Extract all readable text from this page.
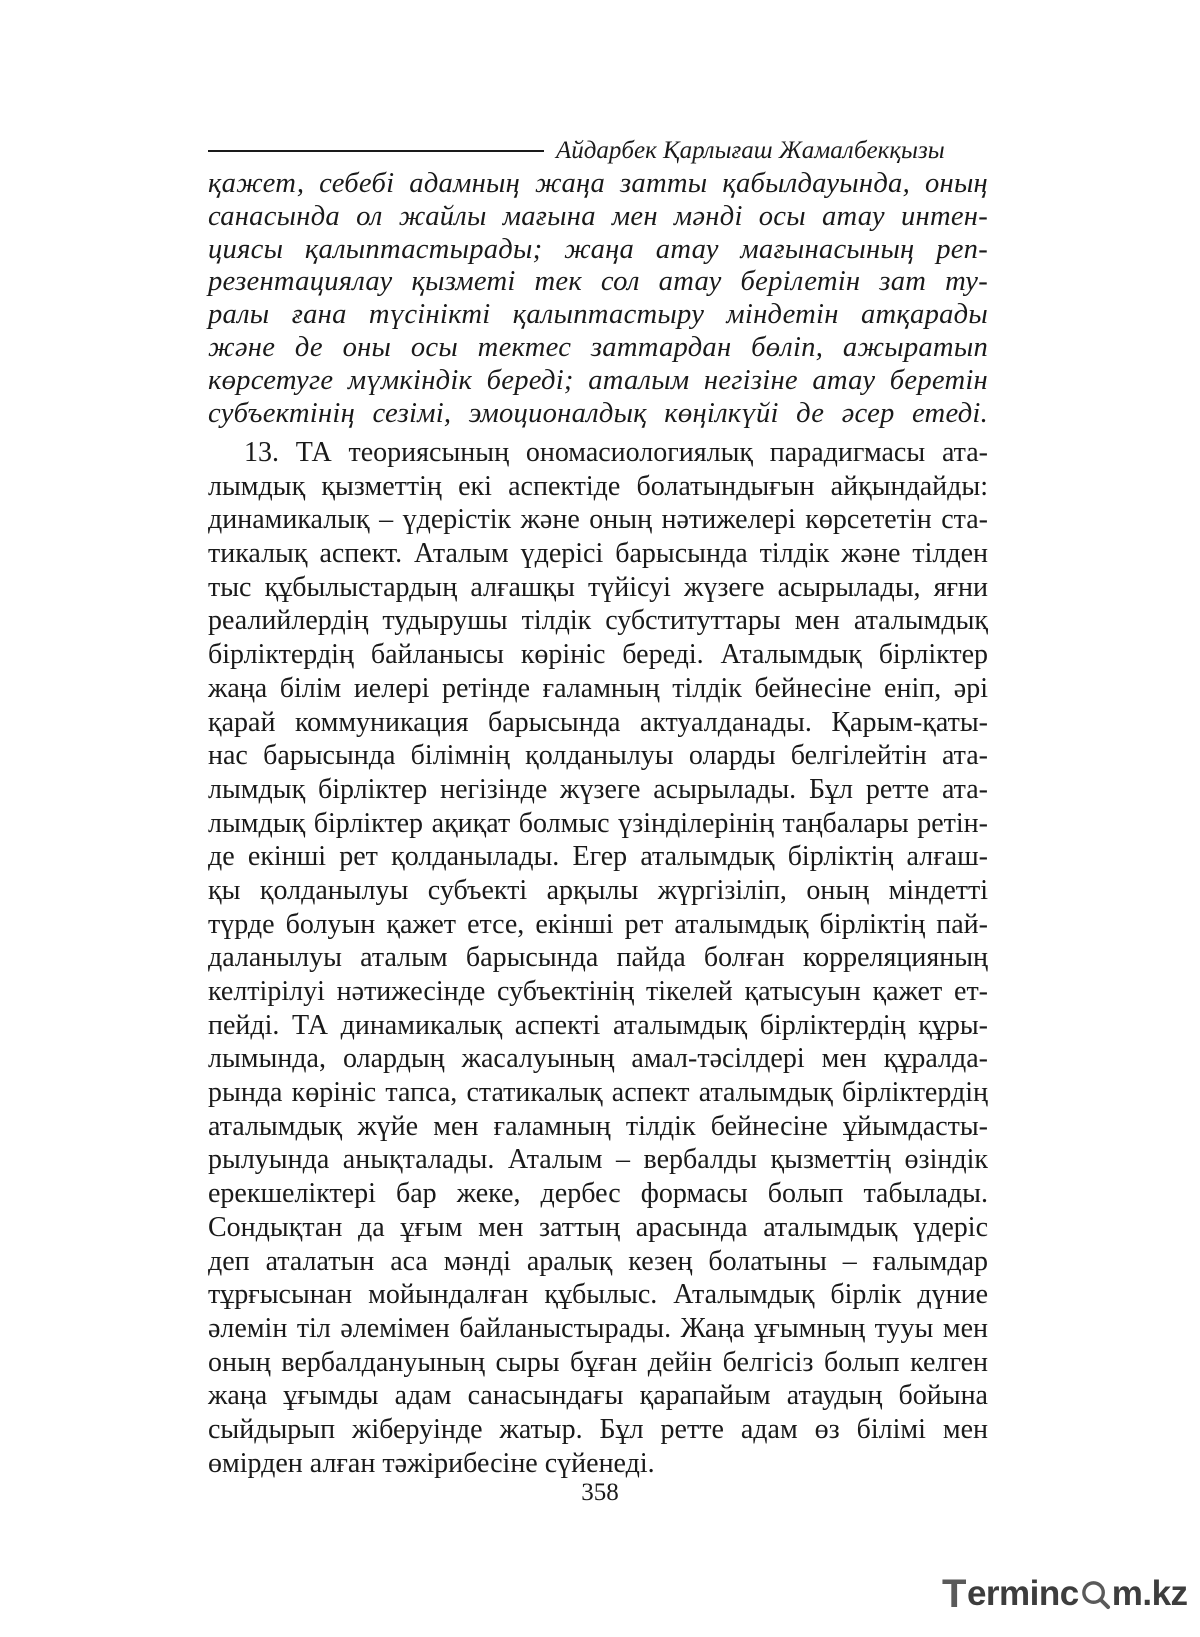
Айдарбек Қарлығаш Жамалбекқызы
қажет, себебі адамның жаңа затты қабылдауында, оның
санасында ол жайлы мағына мен мәнді осы атау интен-
циясы қалыптастырады; жаңа атау мағынасының реп-
резентациялау қызметі тек сол атау берілетін зат ту-
ралы ғана түсінікті қалыптастыру міндетін атқарады
және де оны осы тектес заттардан бөліп, ажыратып
көрсетуге мүмкіндік береді; аталым негізіне атау беретін
субъектінің сезімі, эмоционалдық көңілкүйі де әсер етеді.
13. ТА теориясының ономасиологиялық парадигмасы ата-
лымдық қызметтің екі аспектіде болатындығын айқындайды:
динамикалық – үдерістік және оның нәтижелері көрсететін ста-
тикалық аспект. Аталым үдерісі барысында тілдік және тілден
тыс құбылыстардың алғашқы түйісуі жүзеге асырылады, яғни
реалийлердің тудырушы тілдік субституттары мен аталымдық
бірліктердің байланысы көрініс береді. Аталымдық бірліктер
жаңа білім иелері ретінде ғаламның тілдік бейнесіне еніп, әрі
қарай коммуникация барысында актуалданады. Қарым-қаты-
нас барысында білімнің қолданылуы оларды белгілейтін ата-
лымдық бірліктер негізінде жүзеге асырылады. Бұл ретте ата-
лымдық бірліктер ақиқат болмыс үзінділерінің таңбалары ретін-
де екінші рет қолданылады. Егер аталымдық бірліктің алғаш-
қы қолданылуы субъекті арқылы жүргізіліп, оның міндетті
түрде болуын қажет етсе, екінші рет аталымдық бірліктің пай-
даланылуы аталым барысында пайда болған корреляцияның
келтірілуі нәтижесінде субъектінің тікелей қатысуын қажет ет-
пейді. ТА динамикалық аспекті аталымдық бірліктердің құры-
лымында, олардың жасалуының амал-тәсілдері мен құралда-
рында көрініс тапса, статикалық аспект аталымдық бірліктердің
аталымдық жүйе мен ғаламның тілдік бейнесіне ұйымдасты-
рылуында анықталады. Аталым – вербалды қызметтің өзіндік
ерекшеліктері бар жеке, дербес формасы болып табылады.
Сондықтан да ұғым мен заттың арасында аталымдық үдеріс
деп аталатын аса мәнді аралық кезең болатыны – ғалымдар
тұрғысынан мойындалған құбылыс. Аталымдық бірлік дүние
әлемін тіл әлемімен байланыстырады. Жаңа ұғымның тууы мен
оның вербалдануының сыры бұған дейін белгісіз болып келген
жаңа ұғымды адам санасындағы қарапайым атаудың бойына
сыйдырып жіберуінде жатыр. Бұл ретте адам өз білімі мен
өмірден алған тәжірибесіне сүйенеді.
358
T erminc m.kz
